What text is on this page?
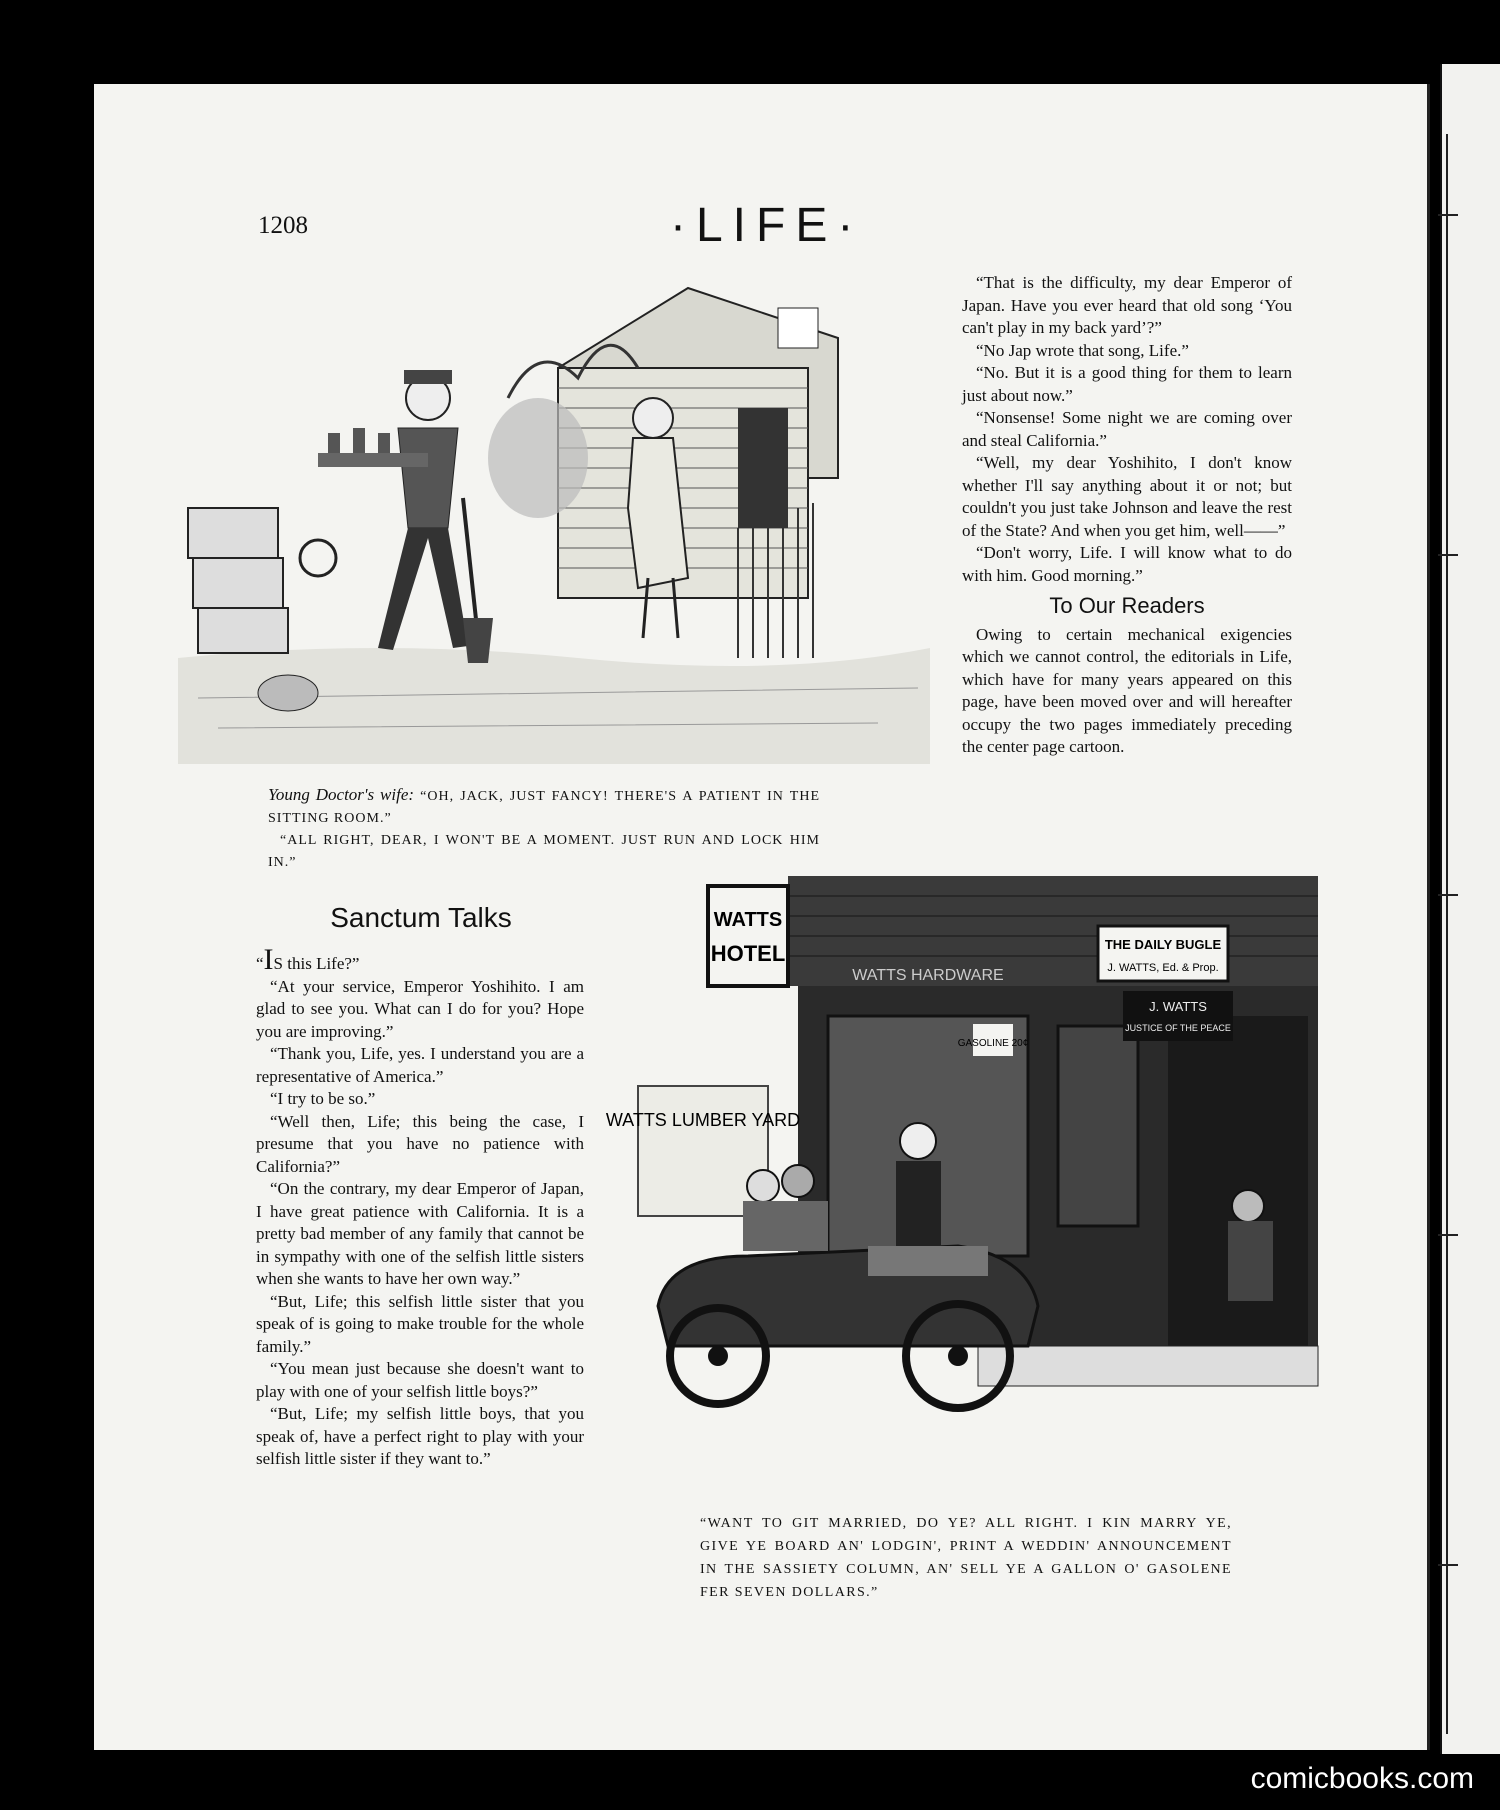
1208	·LIFE·

Young Doctor's wife: “OH, JACK, JUST FANCY! THERE'S A PATIENT IN THE SITTING ROOM.”

“ALL RIGHT, DEAR, I WON'T BE A MOMENT. JUST RUN AND LOCK HIM IN.”

“That is the difficulty, my dear Emperor of Japan. Have you ever heard that old song ‘You can't play in my back yard’?”

“No Jap wrote that song, Life.”

“No. But it is a good thing for them to learn just about now.”

“Nonsense! Some night we are coming over and steal California.”

“Well, my dear Yoshihito, I don't know whether I'll say anything about it or not; but couldn't you just take Johnson and leave the rest of the State? And when you get him, well——”

“Don't worry, Life. I will know what to do with him. Good morning.”

To Our Readers

Owing to certain mechanical exigencies which we cannot control, the editorials in Life, which have for many years appeared on this page, have been moved over and will hereafter occupy the two pages immediately preceding the center page cartoon.

Sanctum Talks

“IS this Life?”

“At your service, Emperor Yoshihito. I am glad to see you. What can I do for you? Hope you are improving.”

“Thank you, Life, yes. I understand you are a representative of America.”

“I try to be so.”

“Well then, Life; this being the case, I presume that you have no patience with California?”

“On the contrary, my dear Emperor of Japan, I have great patience with California. It is a pretty bad member of any family that cannot be in sympathy with one of the selfish little sisters when she wants to have her own way.”

“But, Life; this selfish little sister that you speak of is going to make trouble for the whole family.”

“You mean just because she doesn't want to play with one of your selfish little boys?”

“But, Life; my selfish little boys, that you speak of, have a perfect right to play with your selfish little sister if they want to.”

WATTS
HOTEL
WATTS HARDWARE
THE DAILY BUGLE
J. WATTS, Ed. & Prop.
J. WATTS
JUSTICE OF THE PEACE
GASOLINE 20¢
WATTS LUMBER YARD
“WANT TO GIT MARRIED, DO YE? ALL RIGHT. I KIN MARRY YE, GIVE YE BOARD AN' LODGIN', PRINT A WEDDIN' ANNOUNCEMENT IN THE SASSIETY COLUMN, AN' SELL YE A GALLON O' GASOLENE FER SEVEN DOLLARS.”
comicbooks.com
